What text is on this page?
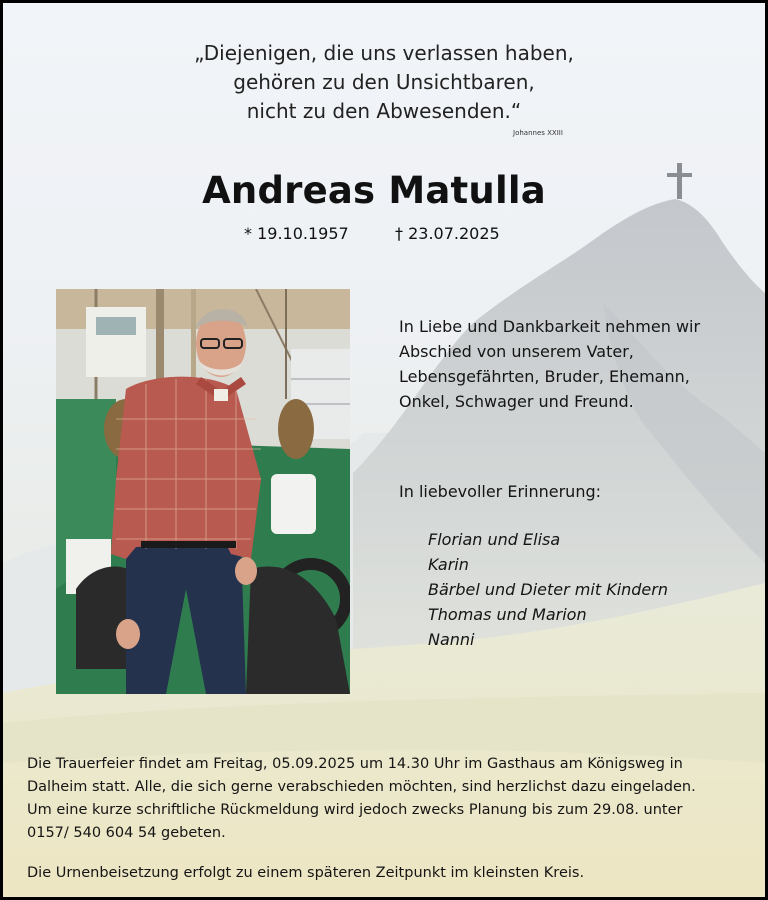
„Diejenigen, die uns verlassen haben,
gehören zu den Unsichtbaren,
nicht zu den Abwesenden.“
Johannes XXIII
Andreas Matulla
* 19.10.1957	† 23.07.2025
In Liebe und Dankbarkeit nehmen wir
Abschied von unserem Vater,
Lebensgefährten, Bruder, Ehemann,
Onkel, Schwager und Freund.
In liebevoller Erinnerung:
Florian und Elisa
Karin
Bärbel und Dieter mit Kindern
Thomas und Marion
Nanni
Die Trauerfeier findet am Freitag, 05.09.2025 um 14.30 Uhr im Gasthaus am Königsweg in
Dalheim statt. Alle, die sich gerne verabschieden möchten, sind herzlichst dazu eingeladen.
Um eine kurze schriftliche Rückmeldung wird jedoch zwecks Planung bis zum 29.08. unter
0157/ 540 604 54 gebeten.
Die Urnenbeisetzung erfolgt zu einem späteren Zeitpunkt im kleinsten Kreis.
